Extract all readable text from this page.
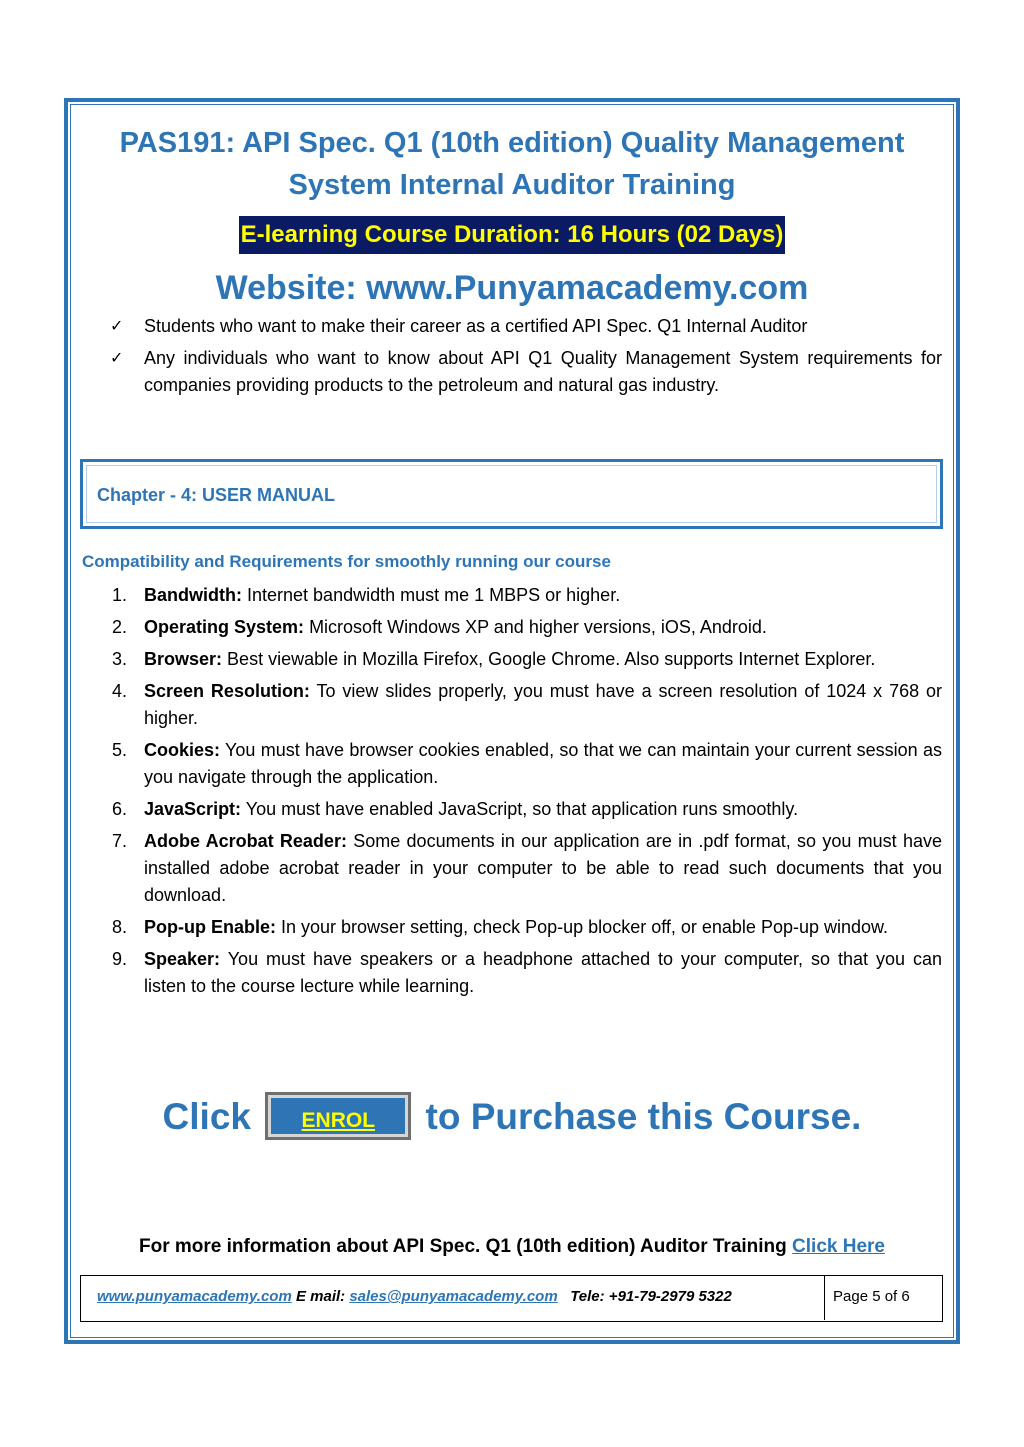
PAS191: API Spec. Q1 (10th edition) Quality Management System Internal Auditor Training
E-learning Course Duration: 16 Hours (02 Days)
Website: www.Punyamacademy.com
✓ Students who want to make their career as a certified API Spec. Q1 Internal Auditor
✓ Any individuals who want to know about API Q1 Quality Management System requirements for companies providing products to the petroleum and natural gas industry.
Chapter - 4: USER MANUAL
Compatibility and Requirements for smoothly running our course
1. Bandwidth: Internet bandwidth must me 1 MBPS or higher.
2. Operating System: Microsoft Windows XP and higher versions, iOS, Android.
3. Browser: Best viewable in Mozilla Firefox, Google Chrome. Also supports Internet Explorer.
4. Screen Resolution: To view slides properly, you must have a screen resolution of 1024 x 768 or higher.
5. Cookies: You must have browser cookies enabled, so that we can maintain your current session as you navigate through the application.
6. JavaScript: You must have enabled JavaScript, so that application runs smoothly.
7. Adobe Acrobat Reader: Some documents in our application are in .pdf format, so you must have installed adobe acrobat reader in your computer to be able to read such documents that you download.
8. Pop-up Enable: In your browser setting, check Pop-up blocker off, or enable Pop-up window.
9. Speaker: You must have speakers or a headphone attached to your computer, so that you can listen to the course lecture while learning.
Click	ENROL	to Purchase this Course.
For more information about API Spec. Q1 (10th edition) Auditor Training Click Here
www.punyamacademy.com E mail: sales@punyamacademy.com Tele: +91-79-2979 5322	Page 5 of 6
